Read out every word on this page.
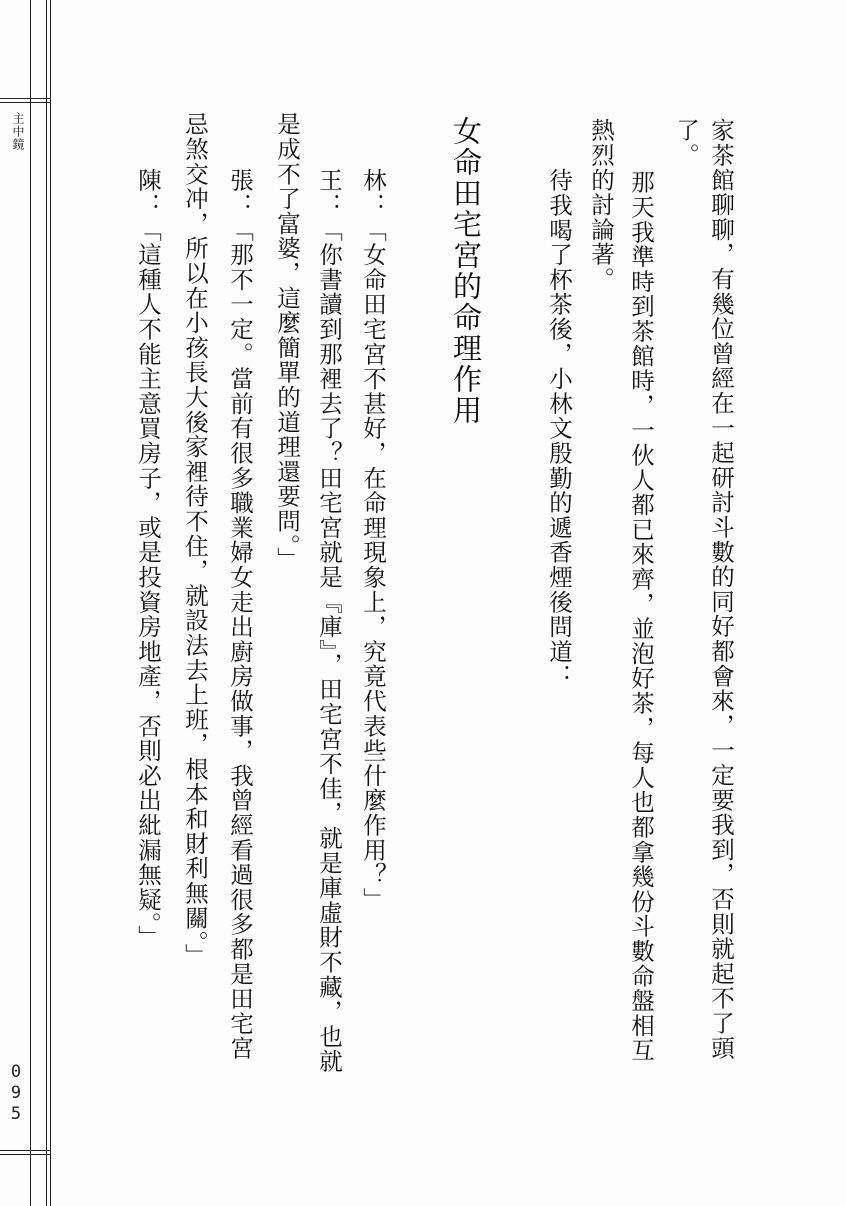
主中鏡
095
家茶館聊聊，有幾位曾經在一起研討斗數的同好都會來，一定要我到，否則就起不了頭
了。
那天我準時到茶館時，一伙人都已來齊，並泡好茶，每人也都拿幾份斗數命盤相互
熱烈的討論著。
待我喝了杯茶後，小林文殷勤的遞香煙後問道：
女命田宅宮的命理作用
林：「女命田宅宮不甚好，在命理現象上，究竟代表些什麼作用？」
王：「你書讀到那裡去了？田宅宮就是『庫』，田宅宮不佳，就是庫虛財不藏，也就
是成不了富婆，這麼簡單的道理還要問。」
張：「那不一定。當前有很多職業婦女走出廚房做事，我曾經看過很多都是田宅宮
忌煞交冲，所以在小孩長大後家裡待不住，就設法去上班，根本和財利無關。」
陳：「這種人不能主意買房子，或是投資房地產，否則必出紕漏無疑。」
